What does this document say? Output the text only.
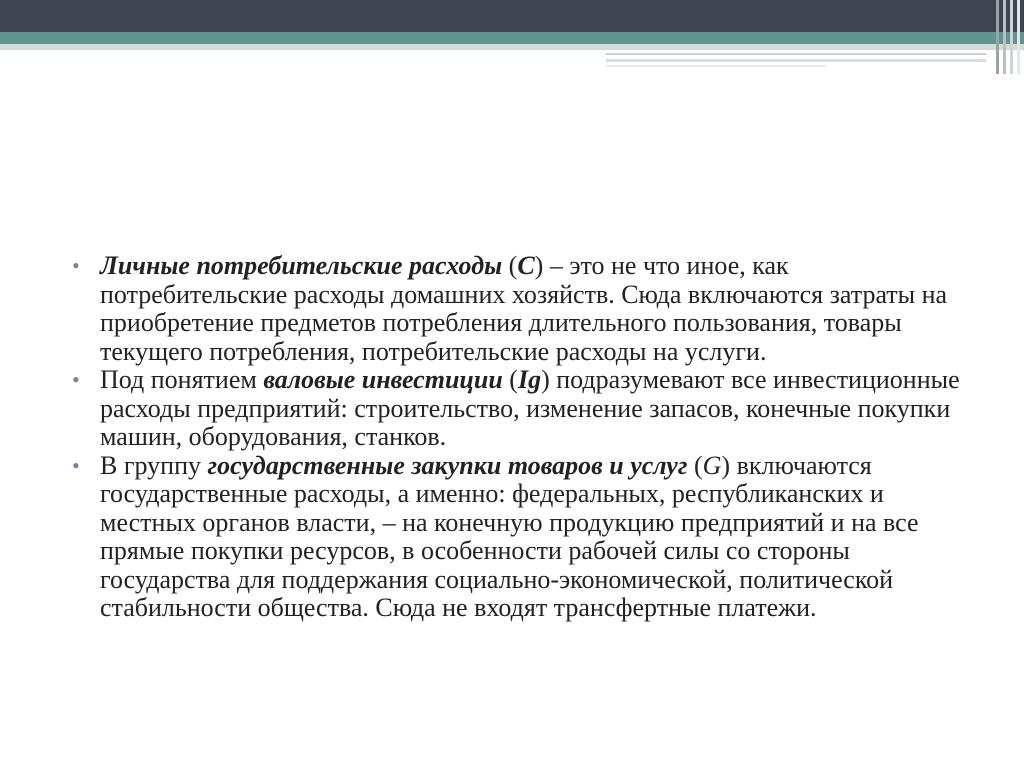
• Личные потребительские расходы (C) – это не что иное, как потребительские расходы домашних хозяйств. Сюда включаются затраты на приобретение предметов потребления длительного пользования, товары текущего потребления, потребительские расходы на услуги.
• Под понятием валовые инвестиции (Ig) подразумевают все инвестиционные расходы предприятий: строительство, изменение запасов, конечные покупки машин, оборудования, станков.
• В группу государственные закупки товаров и услуг (G) включаются государственные расходы, а именно: федеральных, республиканских и местных органов власти, – на конечную продукцию предприятий и на все прямые покупки ресурсов, в особенности рабочей силы со стороны государства для поддержания социально-экономической, политической стабильности общества. Сюда не входят трансфертные платежи.
